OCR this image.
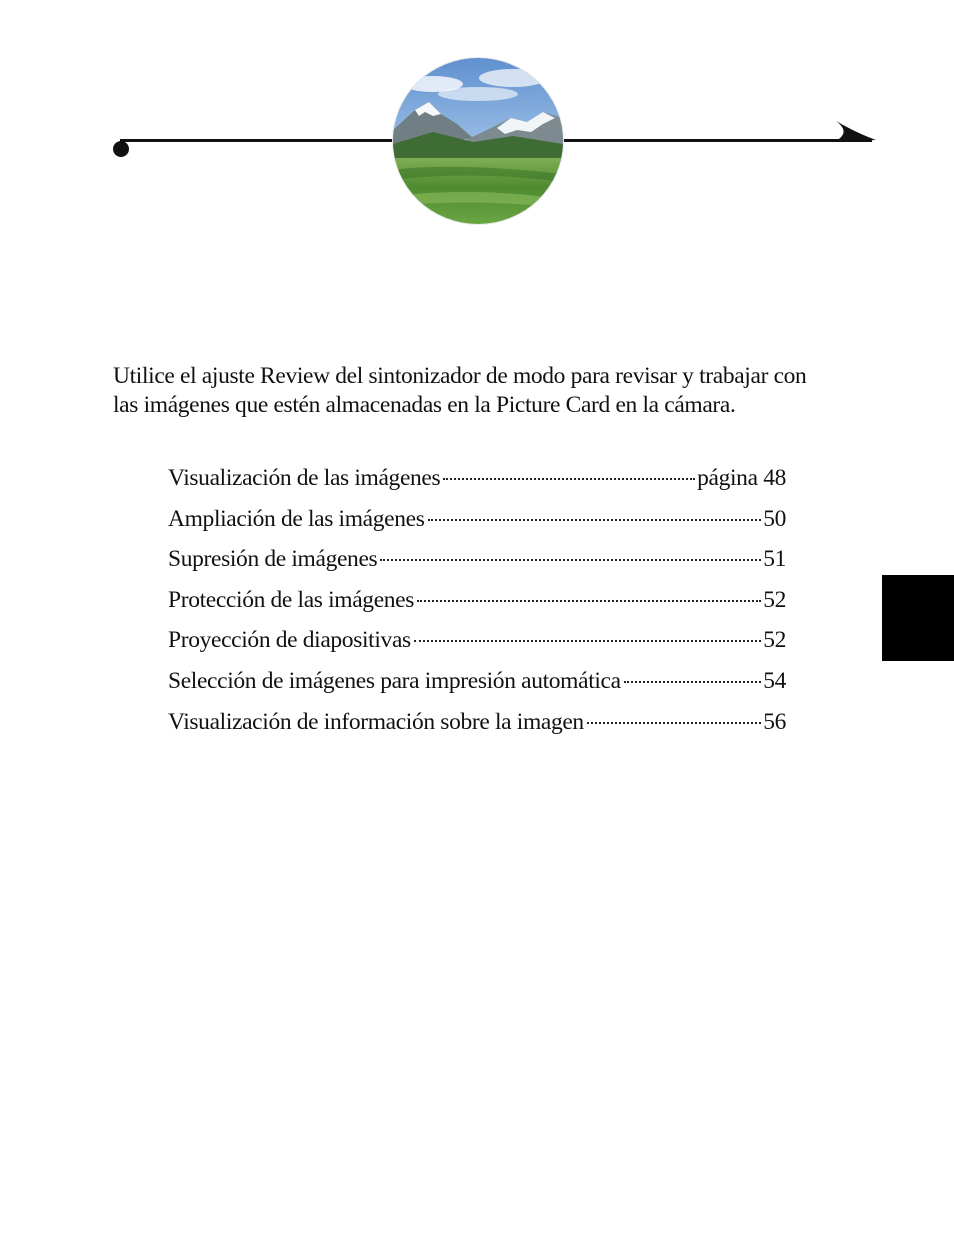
Utilice el ajuste Review del sintonizador de modo para revisar y trabajar con
las imágenes que estén almacenadas en la Picture Card en la cámara.

Visualización de las imágenes	página 48
Ampliación de las imágenes	50
Supresión de imágenes	51
Protección de las imágenes	52
Proyección de diapositivas	52
Selección de imágenes para impresión automática	54
Visualización de información sobre la imagen	56
